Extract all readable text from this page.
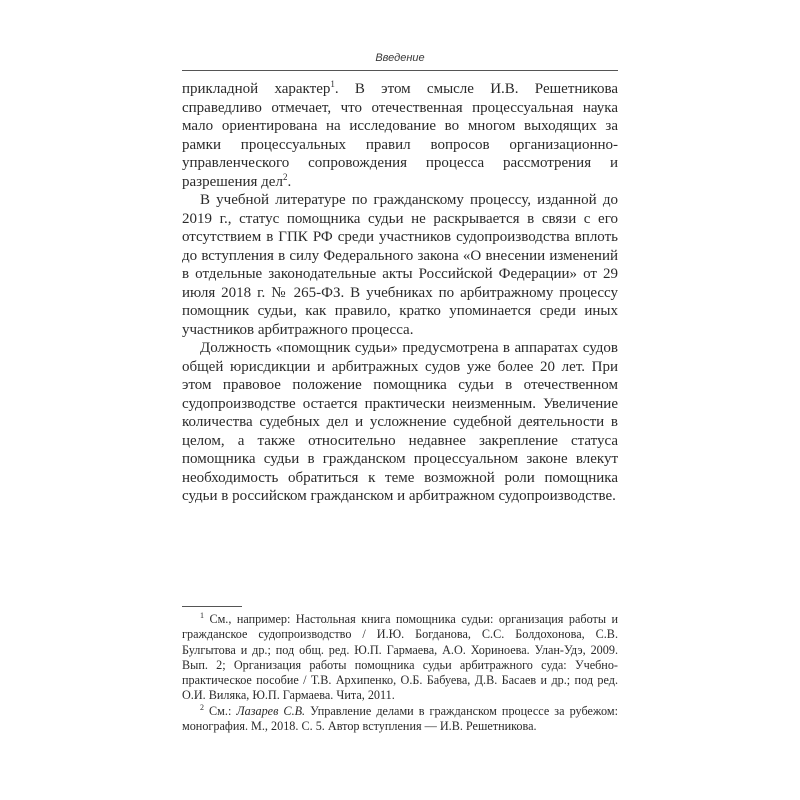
Введение

прикладной характер$^1$. В этом смысле И.В. Решетникова справедливо отмечает, что отечественная процессуальная наука мало ориентирована на исследование во многом выходящих за рамки процессуальных правил вопросов организационно-управленческого сопровождения процесса рассмотрения и разрешения дел$^2$.

В учебной литературе по гражданскому процессу, изданной до 2019 г., статус помощника судьи не раскрывается в связи с его отсутствием в ГПК РФ среди участников судопроизводства вплоть до вступления в силу Федерального закона «О внесении изменений в отдельные законодательные акты Российской Федерации» от 29 июля 2018 г. № 265-ФЗ. В учебниках по арбитражному процессу помощник судьи, как правило, кратко упоминается среди иных участников арбитражного процесса.

Должность «помощник судьи» предусмотрена в аппаратах судов общей юрисдикции и арбитражных судов уже более 20 лет. При этом правовое положение помощника судьи в отечественном судопроизводстве остается практически неизменным. Увеличение количества судебных дел и усложнение судебной деятельности в целом, а также относительно недавнее закрепление статуса помощника судьи в гражданском процессуальном законе влекут необходимость обратиться к теме возможной роли помощника судьи в российском гражданском и арбитражном судопроизводстве.

$^1$ См., например: Настольная книга помощника судьи: организация работы и гражданское судопроизводство / И.Ю. Богданова, С.С. Болдохонова, С.В. Булгытова и др.; под общ. ред. Ю.П. Гармаева, А.О. Хориноева. Улан-Удэ, 2009. Вып. 2; Организация работы помощника судьи арбитражного суда: Учебно-практическое пособие / Т.В. Архипенко, О.Б. Бабуева, Д.В. Басаев и др.; под ред. О.И. Виляка, Ю.П. Гармаева. Чита, 2011.

$^2$ См.: Лазарев С.В. Управление делами в гражданском процессе за рубежом: монография. М., 2018. С. 5. Автор вступления — И.В. Решетникова.
